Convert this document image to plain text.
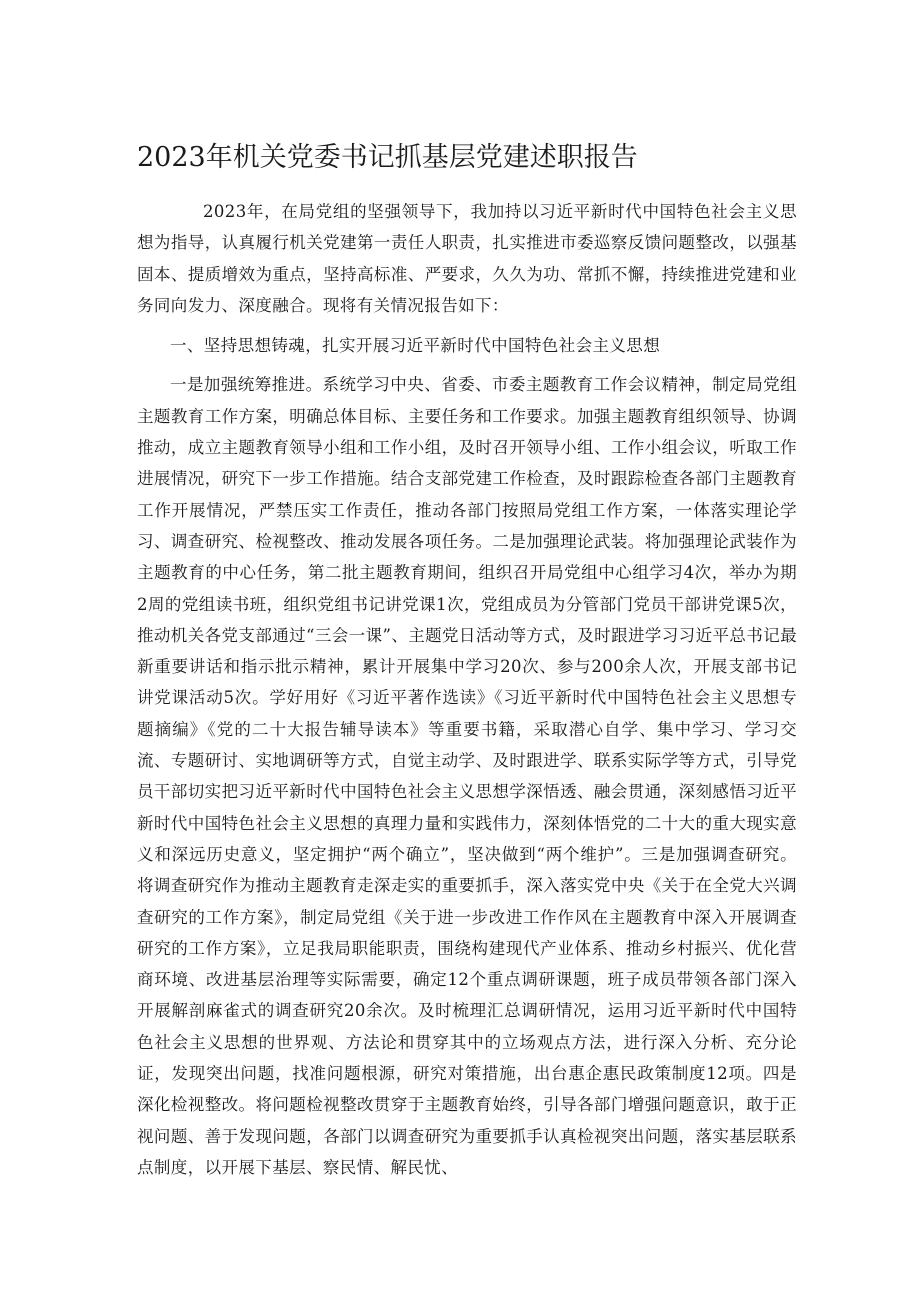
2023年机关党委书记抓基层党建述职报告

2023年，在局党组的坚强领导下，我加持以习近平新时代中国特色社会主义思想为指导，认真履行机关党建第一责任人职责，扎实推进市委巡察反馈问题整改，以强基固本、提质增效为重点，坚持高标准、严要求，久久为功、常抓不懈，持续推进党建和业务同向发力、深度融合。现将有关情况报告如下：

一、坚持思想铸魂，扎实开展习近平新时代中国特色社会主义思想

一是加强统筹推进。系统学习中央、省委、市委主题教育工作会议精神，制定局党组主题教育工作方案，明确总体目标、主要任务和工作要求。加强主题教育组织领导、协调推动，成立主题教育领导小组和工作小组，及时召开领导小组、工作小组会议，听取工作进展情况，研究下一步工作措施。结合支部党建工作检查，及时跟踪检查各部门主题教育工作开展情况，严禁压实工作责任，推动各部门按照局党组工作方案，一体落实理论学习、调查研究、检视整改、推动发展各项任务。二是加强理论武装。将加强理论武装作为主题教育的中心任务，第二批主题教育期间，组织召开局党组中心组学习4次，举办为期2周的党组读书班，组织党组书记讲党课1次，党组成员为分管部门党员干部讲党课5次，推动机关各党支部通过“三会一课”、主题党日活动等方式，及时跟进学习习近平总书记最新重要讲话和指示批示精神，累计开展集中学习20次、参与200余人次，开展支部书记讲党课活动5次。学好用好《习近平著作选读》《习近平新时代中国特色社会主义思想专题摘编》《党的二十大报告辅导读本》等重要书籍，采取潜心自学、集中学习、学习交流、专题研讨、实地调研等方式，自觉主动学、及时跟进学、联系实际学等方式，引导党员干部切实把习近平新时代中国特色社会主义思想学深悟透、融会贯通，深刻感悟习近平新时代中国特色社会主义思想的真理力量和实践伟力，深刻体悟党的二十大的重大现实意义和深远历史意义，坚定拥护“两个确立”，坚决做到“两个维护”。三是加强调查研究。将调查研究作为推动主题教育走深走实的重要抓手，深入落实党中央《关于在全党大兴调查研究的工作方案》，制定局党组《关于进一步改进工作作风在主题教育中深入开展调查研究的工作方案》，立足我局职能职责，围绕构建现代产业体系、推动乡村振兴、优化营商环境、改进基层治理等实际需要，确定12个重点调研课题，班子成员带领各部门深入开展解剖麻雀式的调查研究20余次。及时梳理汇总调研情况，运用习近平新时代中国特色社会主义思想的世界观、方法论和贯穿其中的立场观点方法，进行深入分析、充分论证，发现突出问题，找准问题根源，研究对策措施，出台惠企惠民政策制度12项。四是深化检视整改。将问题检视整改贯穿于主题教育始终，引导各部门增强问题意识，敢于正视问题、善于发现问题，各部门以调查研究为重要抓手认真检视突出问题，落实基层联系点制度，以开展下基层、察民情、解民忧、
